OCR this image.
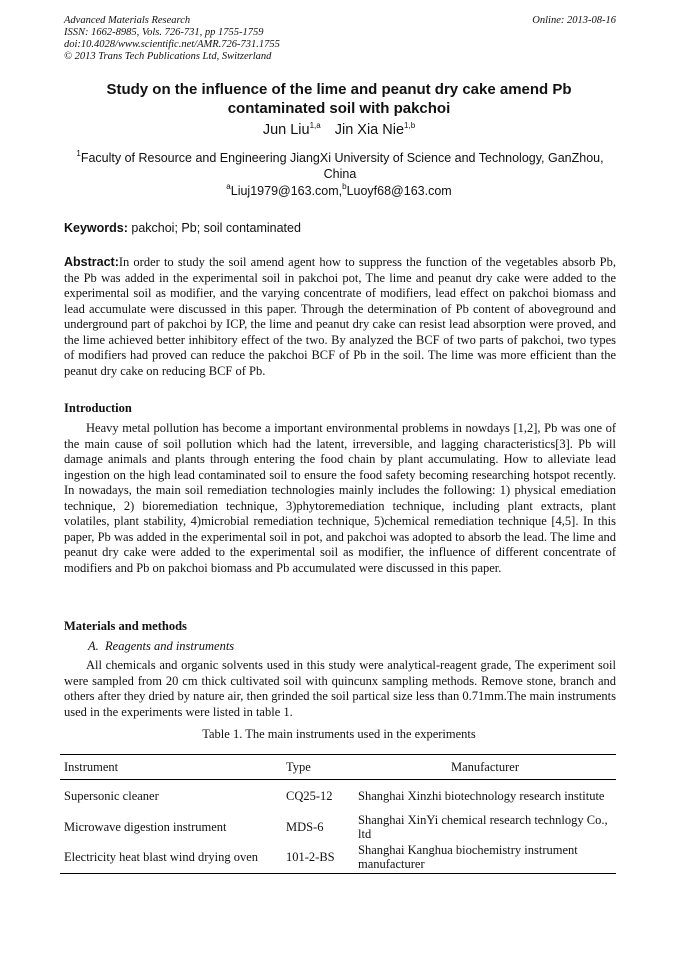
Advanced Materials Research
ISSN: 1662-8985, Vols. 726-731, pp 1755-1759
doi:10.4028/www.scientific.net/AMR.726-731.1755
© 2013 Trans Tech Publications Ltd, Switzerland
Online: 2013-08-16
Study on the influence of the lime and peanut dry cake amend Pb contaminated soil with pakchoi
Jun Liu$^{1,a}$ Jin Xia Nie$^{1,b}$
$^1$Faculty of Resource and Engineering JiangXi University of Science and Technology, GanZhou, China
$^a$Liuj1979@163.com,$^b$Luoyf68@163.com
Keywords: pakchoi; Pb; soil contaminated
Abstract:In order to study the soil amend agent how to suppress the function of the vegetables absorb Pb, the Pb was added in the experimental soil in pakchoi pot, The lime and peanut dry cake were added to the experimental soil as modifier, and the varying concentrate of modifiers, lead effect on pakchoi biomass and lead accumulate were discussed in this paper. Through the determination of Pb content of aboveground and underground part of pakchoi by ICP, the lime and peanut dry cake can resist lead absorption were proved, and the lime achieved better inhibitory effect of the two. By analyzed the BCF of two parts of pakchoi, two types of modifiers had proved can reduce the pakchoi BCF of Pb in the soil. The lime was more efficient than the peanut dry cake on reducing BCF of Pb.
Introduction
Heavy metal pollution has become a important environmental problems in nowdays [1,2], Pb was one of the main cause of soil pollution which had the latent, irreversible, and lagging characteristics[3]. Pb will damage animals and plants through entering the food chain by plant accumulating. How to alleviate lead ingestion on the high lead contaminated soil to ensure the food safety becoming researching hotspot recently. In nowadays, the main soil remediation technologies mainly includes the following: 1) physical emediation technique, 2) bioremediation technique, 3)phytoremediation technique, including plant extracts, plant volatiles, plant stability, 4)microbial remediation technique, 5)chemical remediation technique [4,5]. In this paper, Pb was added in the experimental soil in pot, and pakchoi was adopted to absorb the lead. The lime and peanut dry cake were added to the experimental soil as modifier, the influence of different concentrate of modifiers and Pb on pakchoi biomass and Pb accumulated were discussed in this paper.
Materials and methods
A.  Reagents and instruments
All chemicals and organic solvents used in this study were analytical-reagent grade, The experiment soil were sampled from 20 cm thick cultivated soil with quincunx sampling methods. Remove stone, branch and others after they dried by nature air, then grinded the soil partical size less than 0.71mm.The main instruments used in the experiments were listed in table 1.
Table 1. The main instruments used in the experiments
Instrument	Type	Manufacturer
Supersonic cleaner	CQ25-12	Shanghai Xinzhi biotechnology research institute
Microwave digestion instrument	MDS-6	Shanghai XinYi chemical research technlogy Co., ltd
Electricity heat blast wind drying oven	101-2-BS	Shanghai Kanghua biochemistry instrument manufacturer
